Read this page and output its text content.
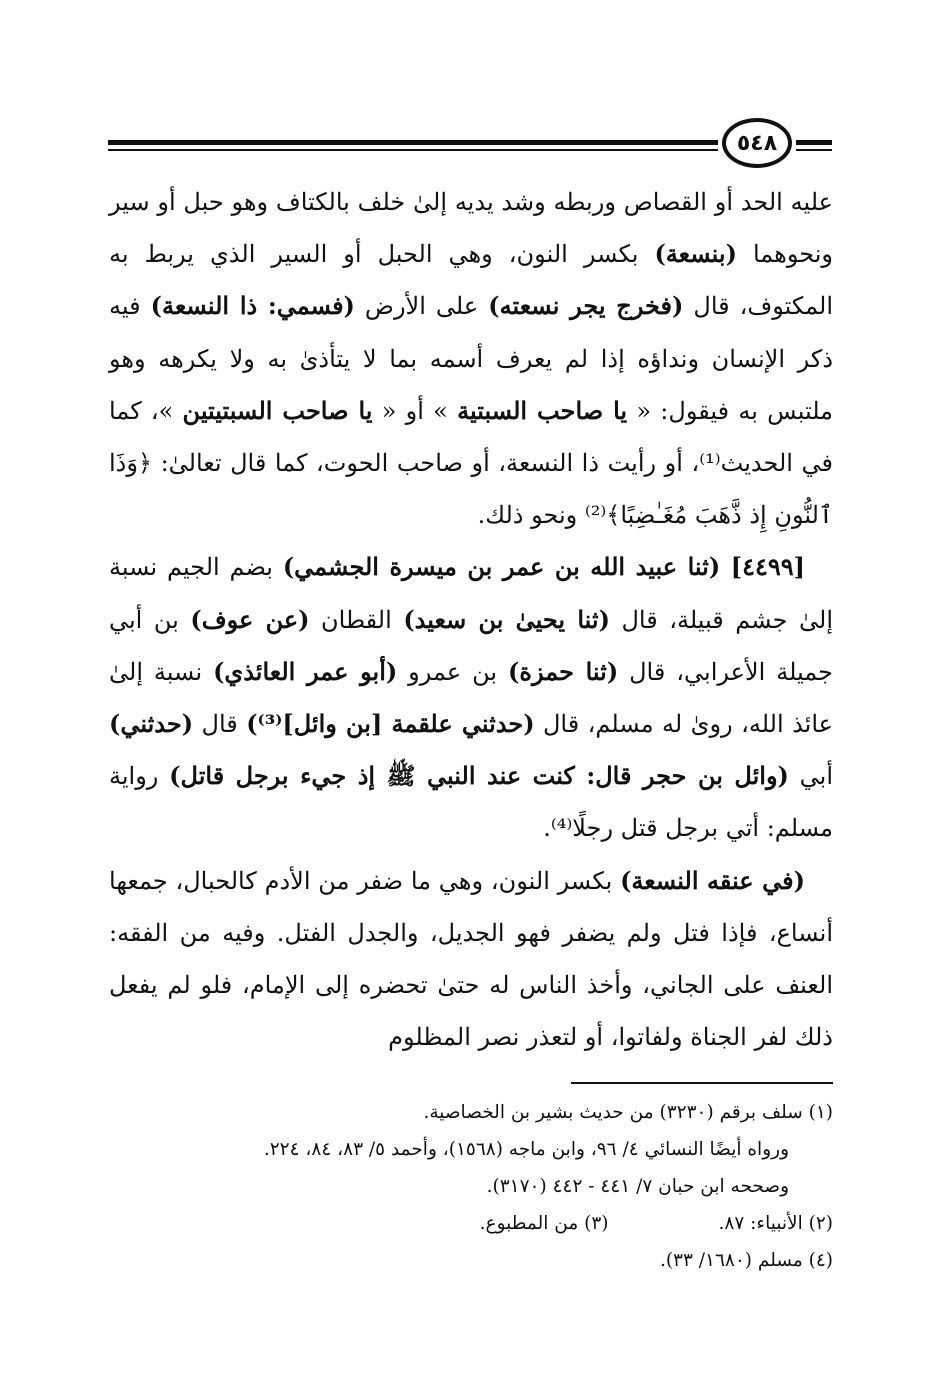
٥٤٨

عليه الحد أو القصاص وربطه وشد يديه إلىٰ خلف بالكتاف وهو حبل أو سير ونحوهما (بنسعة) بكسر النون، وهي الحبل أو السير الذي يربط به المكتوف، قال (فخرج يجر نسعته) على الأرض (فسمي: ذا النسعة) فيه ذكر الإنسان ونداؤه إذا لم يعرف أسمه بما لا يتأذىٰ به ولا يكرهه وهو ملتبس به فيقول: « يا صاحب السبتية » أو « يا صاحب السبتيتين »، كما في الحديث⁽¹⁾، أو رأيت ذا النسعة، أو صاحب الحوت، كما قال تعالىٰ: ﴿وَذَا ٱلنُّونِ إِذ ذَّهَبَ مُغَـٰضِبًا﴾⁽²⁾ ونحو ذلك.

[٤٤٩٩] (ثنا عبيد الله بن عمر بن ميسرة الجشمي) بضم الجيم نسبة إلىٰ جشم قبيلة، قال (ثنا يحيىٰ بن سعيد) القطان (عن عوف) بن أبي جميلة الأعرابي، قال (ثنا حمزة) بن عمرو (أبو عمر العائذي) نسبة إلىٰ عائذ الله، روىٰ له مسلم، قال (حدثني علقمة [بن وائل]⁽³⁾) قال (حدثني) أبي (وائل بن حجر قال: كنت عند النبي ﷺ إذ جيء برجل قاتل) رواية مسلم: أتي برجل قتل رجلًا⁽⁴⁾.

(في عنقه النسعة) بكسر النون، وهي ما ضفر من الأدم كالحبال، جمعها أنساع، فإذا فتل ولم يضفر فهو الجديل، والجدل الفتل. وفيه من الفقه: العنف على الجاني، وأخذ الناس له حتىٰ تحضره إلى الإمام، فلو لم يفعل ذلك لفر الجناة ولفاتوا، أو لتعذر نصر المظلوم

(١) سلف برقم (٣٢٣٠) من حديث بشير بن الخصاصية.
ورواه أيضًا النسائي ٤/ ٩٦، وابن ماجه (١٥٦٨)، وأحمد ٥/ ٨٣، ٨٤، ٢٢٤.
وصححه ابن حبان ٧/ ٤٤١ - ٤٤٢ (٣١٧٠).
(٢) الأنبياء: ٨٧.
(٣) من المطبوع.
(٤) مسلم (١٦٨٠/ ٣٣).
